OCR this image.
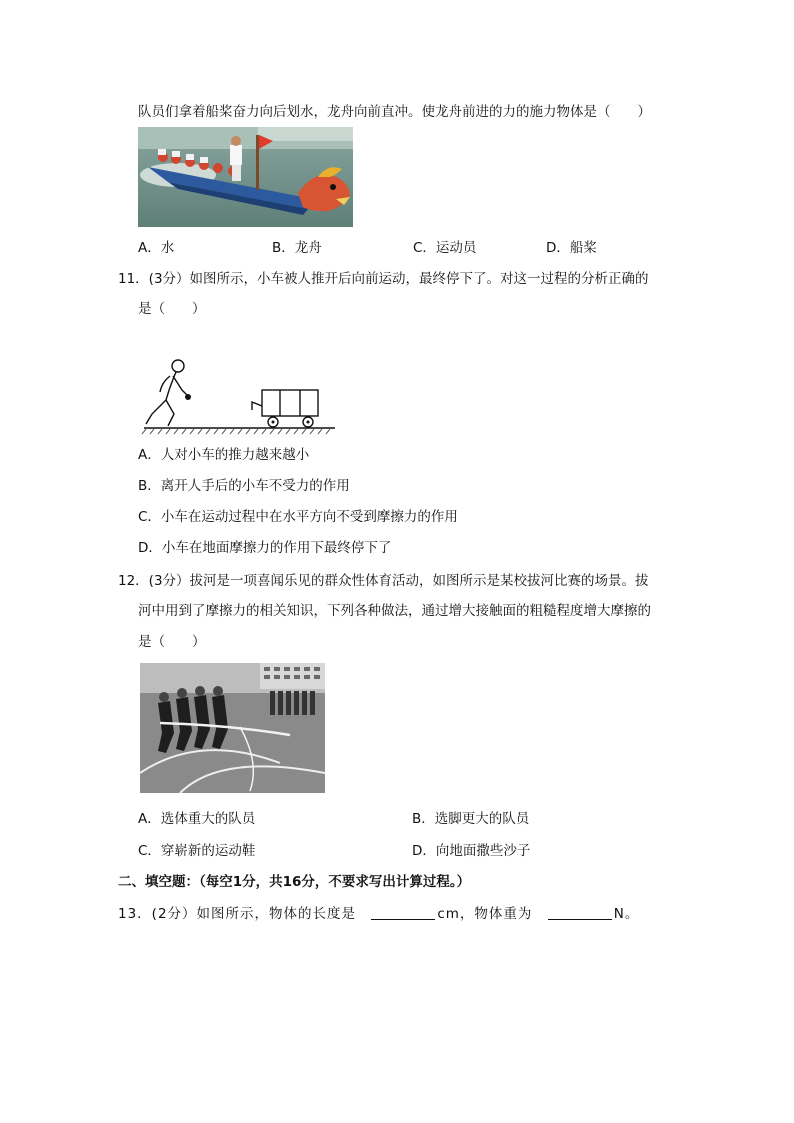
队员们拿着船桨奋力向后划水，龙舟向前直冲。使龙舟前进的力的施力物体是（　　）
A．水	B．龙舟	C．运动员	D．船桨
11．(3分）如图所示，小车被人推开后向前运动，最终停下了。对这一过程的分析正确的
是（　　）
A．人对小车的推力越来越小
B．离开人手后的小车不受力的作用
C．小车在运动过程中在水平方向不受到摩擦力的作用
D．小车在地面摩擦力的作用下最终停下了
12．(3分）拔河是一项喜闻乐见的群众性体育活动，如图所示是某校拔河比赛的场景。拔
河中用到了摩擦力的相关知识，下列各种做法，通过增大接触面的粗糙程度增大摩擦的
是（　　）
A．选体重大的队员	B．选脚更大的队员
C．穿崭新的运动鞋	D．向地面撒些沙子
二、填空题：（每空1分，共16分，不要求写出计算过程。）
13．(2分）如图所示，物体的长度是	cm，物体重为	N。
